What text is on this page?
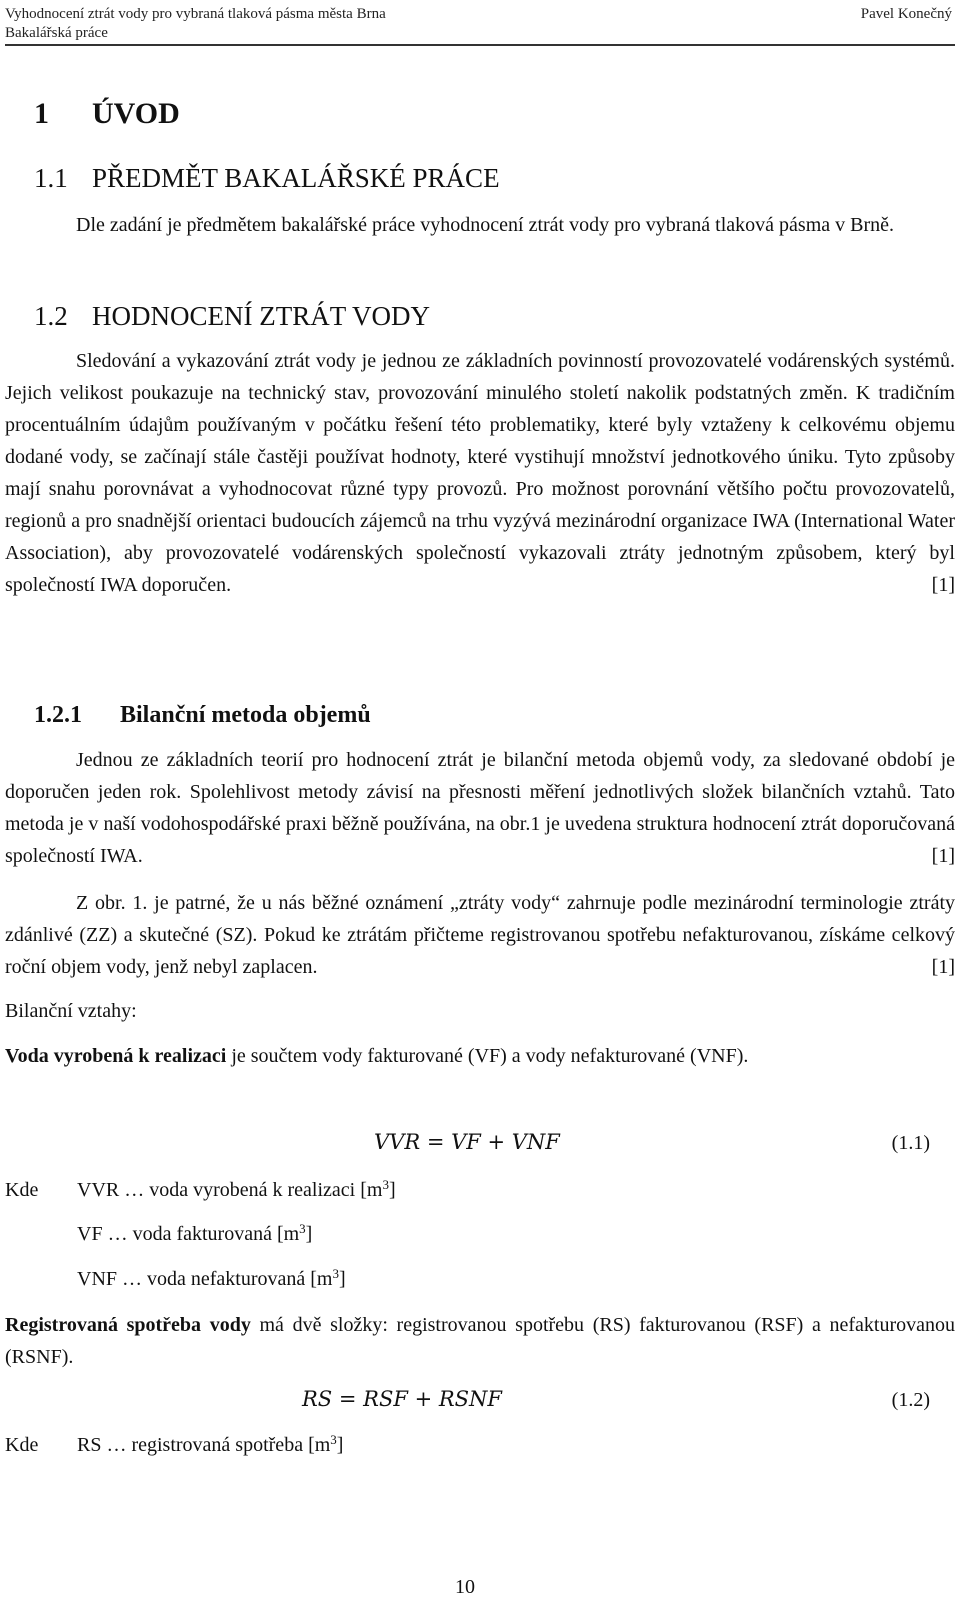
Vyhodnocení ztrát vody pro vybraná tlaková pásma města Brna
Bakalářská práce
Pavel Konečný
1 ÚVOD
1.1 PŘEDMĚT BAKALÁŘSKÉ PRÁCE

Dle zadání je předmětem bakalářské práce vyhodnocení ztrát vody pro vybraná tlaková pásma v Brně.

1.2 HODNOCENÍ ZTRÁT VODY

Sledování a vykazování ztrát vody je jednou ze základních povinností provozovatelé vodárenských systémů. Jejich velikost poukazuje na technický stav, provozování minulého století nakolik podstatných změn. K tradičním procentuálním údajům používaným v počátku řešení této problematiky, které byly vztaženy k celkovému objemu dodané vody, se začínají stále častěji používat hodnoty, které vystihují množství jednotkového úniku. Tyto způsoby mají snahu porovnávat a vyhodnocovat různé typy provozů. Pro možnost porovnání většího počtu provozovatelů, regionů a pro snadnější orientaci budoucích zájemců na trhu vyzývá mezinárodní organizace IWA (International Water Association), aby provozovatelé vodárenských společností vykazovali ztráty jednotným způsobem, který byl společností IWA doporučen.	[1]

1.2.1 Bilanční metoda objemů

Jednou ze základních teorií pro hodnocení ztrát je bilanční metoda objemů vody, za sledované období je doporučen jeden rok. Spolehlivost metody závisí na přesnosti měření jednotlivých složek bilančních vztahů. Tato metoda je v naší vodohospodářské praxi běžně používána, na obr.1 je uvedena struktura hodnocení ztrát doporučovaná společností IWA.	[1]

Z obr. 1. je patrné, že u nás běžné oznámení „ztráty vody“ zahrnuje podle mezinárodní terminologie ztráty zdánlivé (ZZ) a skutečné (SZ). Pokud ke ztrátám přičteme registrovanou spotřebu nefakturovanou, získáme celkový roční objem vody, jenž nebyl zaplacen.	[1]

Bilanční vztahy:

Voda vyrobená k realizaci je součtem vody fakturované (VF) a vody nefakturované (VNF).

VVR = VF + VNF	(1.1)
Kde VVR … voda vyrobená k realizaci $[m^3]$
VF … voda fakturovaná $[m^3]$
VNF … voda nefakturovaná $[m^3]$

Registrovaná spotřeba vody má dvě složky: registrovanou spotřebu (RS) fakturovanou (RSF) a nefakturovanou (RSNF).

RS = RSF + RSNF	(1.2)
Kde RS … registrovaná spotřeba $[m^3]$
10
